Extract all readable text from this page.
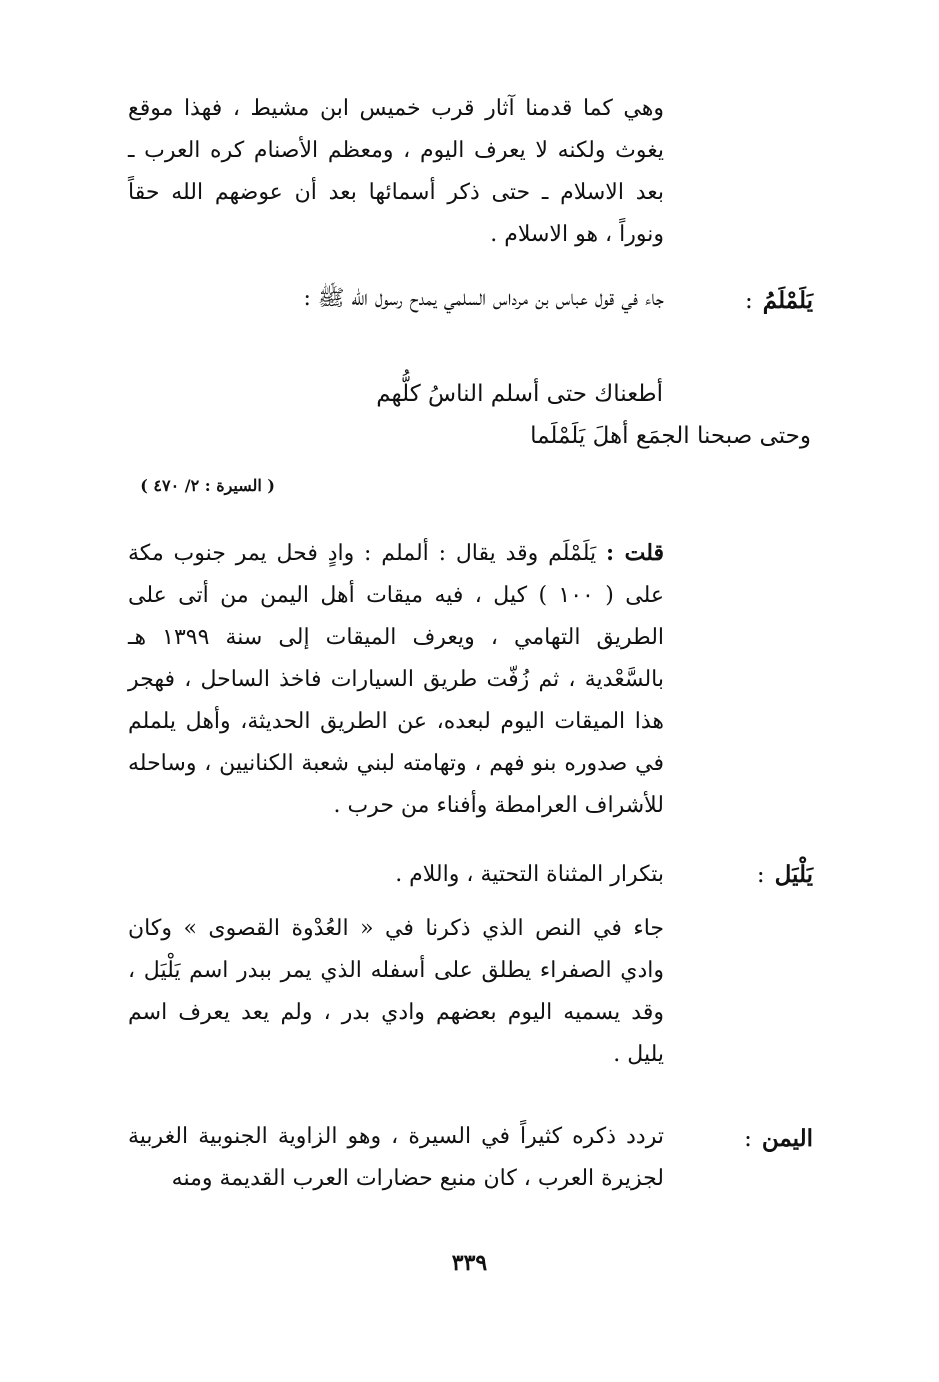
وهي كما قدمنا آثار قرب خميس ابن مشيط ، فهذا موقع يغوث ولكنه لا يعرف اليوم ، ومعظم الأصنام كره العرب ـ بعد الاسلام ـ حتى ذكر أسمائها بعد أن عوضهم الله حقاً ونوراً ، هو الاسلام .

يَلَمْلَمُ:

جاء في قول عباس بن مرداس السلمي يمدح رسول الله ﷺ :

أطعناك حتى أسلم الناسُ كلُّهم

وحتى صبحنا الجمَع أهلَ يَلَمْلَما

( السيرة : ٢/ ٤٧٠ )

قلت : يَلَمْلَم وقد يقال : ألملم : وادٍ فحل يمر جنوب مكة على ( ١٠٠ ) كيل ، فيه ميقات أهل اليمن من أتى على الطريق التهامي ، ويعرف الميقات إلى سنة ١٣٩٩ هـ بالسَّعْدية ، ثم زُفّت طريق السيارات فاخذ الساحل ، فهجر هذا الميقات اليوم لبعده، عن الطريق الحديثة، وأهل يلملم في صدوره بنو فهم ، وتهامته لبني شعبة الكنانيين ، وساحله للأشراف العرامطة وأفناء من حرب .

يَلْيَل:

بتكرار المثناة التحتية ، واللام .

جاء في النص الذي ذكرنا في « العُدْوة القصوى » وكان وادي الصفراء يطلق على أسفله الذي يمر ببدر اسم يَلْيَل ، وقد يسميه اليوم بعضهم وادي بدر ، ولم يعد يعرف اسم يليل .

اليمن:

تردد ذكره كثيراً في السيرة ، وهو الزاوية الجنوبية الغربية لجزيرة العرب ، كان منبع حضارات العرب القديمة ومنه

٣٣٩
